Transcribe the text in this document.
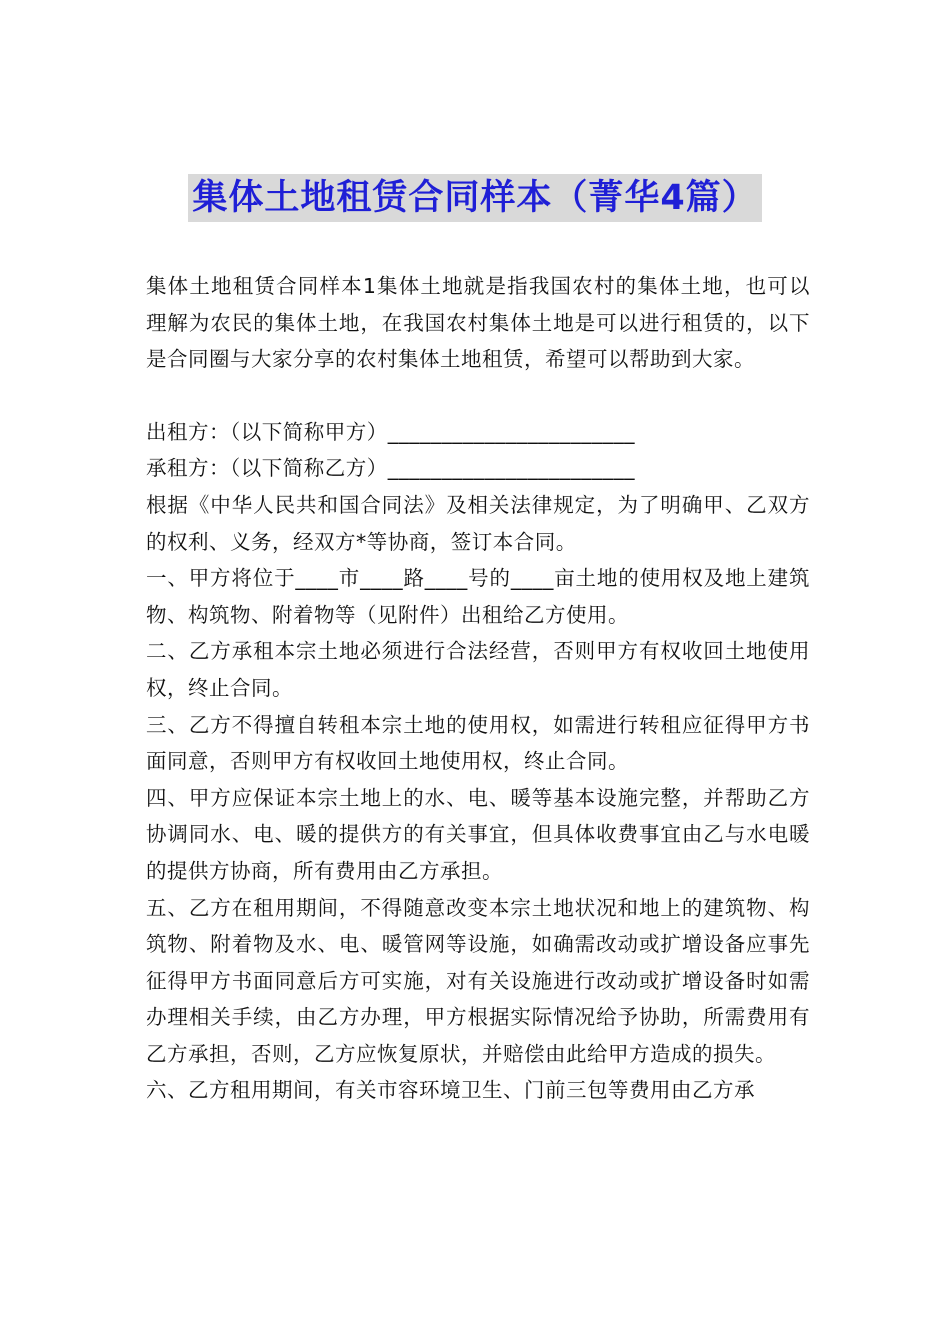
集体土地租赁合同样本（菁华4篇）

集体土地租赁合同样本1集体土地就是指我国农村的集体土地，也可以理解为农民的集体土地，在我国农村集体土地是可以进行租赁的，以下是合同圈与大家分享的农村集体土地租赁，希望可以帮助到大家。

出租方：（以下简称甲方）_______________________

承租方：（以下简称乙方）_______________________

根据《中华人民共和国合同法》及相关法律规定，为了明确甲、乙双方的权利、义务，经双方*等协商，签订本合同。

一、甲方将位于____市____路____号的____亩土地的使用权及地上建筑物、构筑物、附着物等（见附件）出租给乙方使用。

二、乙方承租本宗土地必须进行合法经营，否则甲方有权收回土地使用权，终止合同。

三、乙方不得擅自转租本宗土地的使用权，如需进行转租应征得甲方书面同意，否则甲方有权收回土地使用权，终止合同。

四、甲方应保证本宗土地上的水、电、暖等基本设施完整，并帮助乙方协调同水、电、暖的提供方的有关事宜，但具体收费事宜由乙与水电暖的提供方协商，所有费用由乙方承担。

五、乙方在租用期间，不得随意改变本宗土地状况和地上的建筑物、构筑物、附着物及水、电、暖管网等设施，如确需改动或扩增设备应事先征得甲方书面同意后方可实施，对有关设施进行改动或扩增设备时如需办理相关手续，由乙方办理，甲方根据实际情况给予协助，所需费用有乙方承担，否则，乙方应恢复原状，并赔偿由此给甲方造成的损失。

六、乙方租用期间，有关市容环境卫生、门前三包等费用由乙方承
